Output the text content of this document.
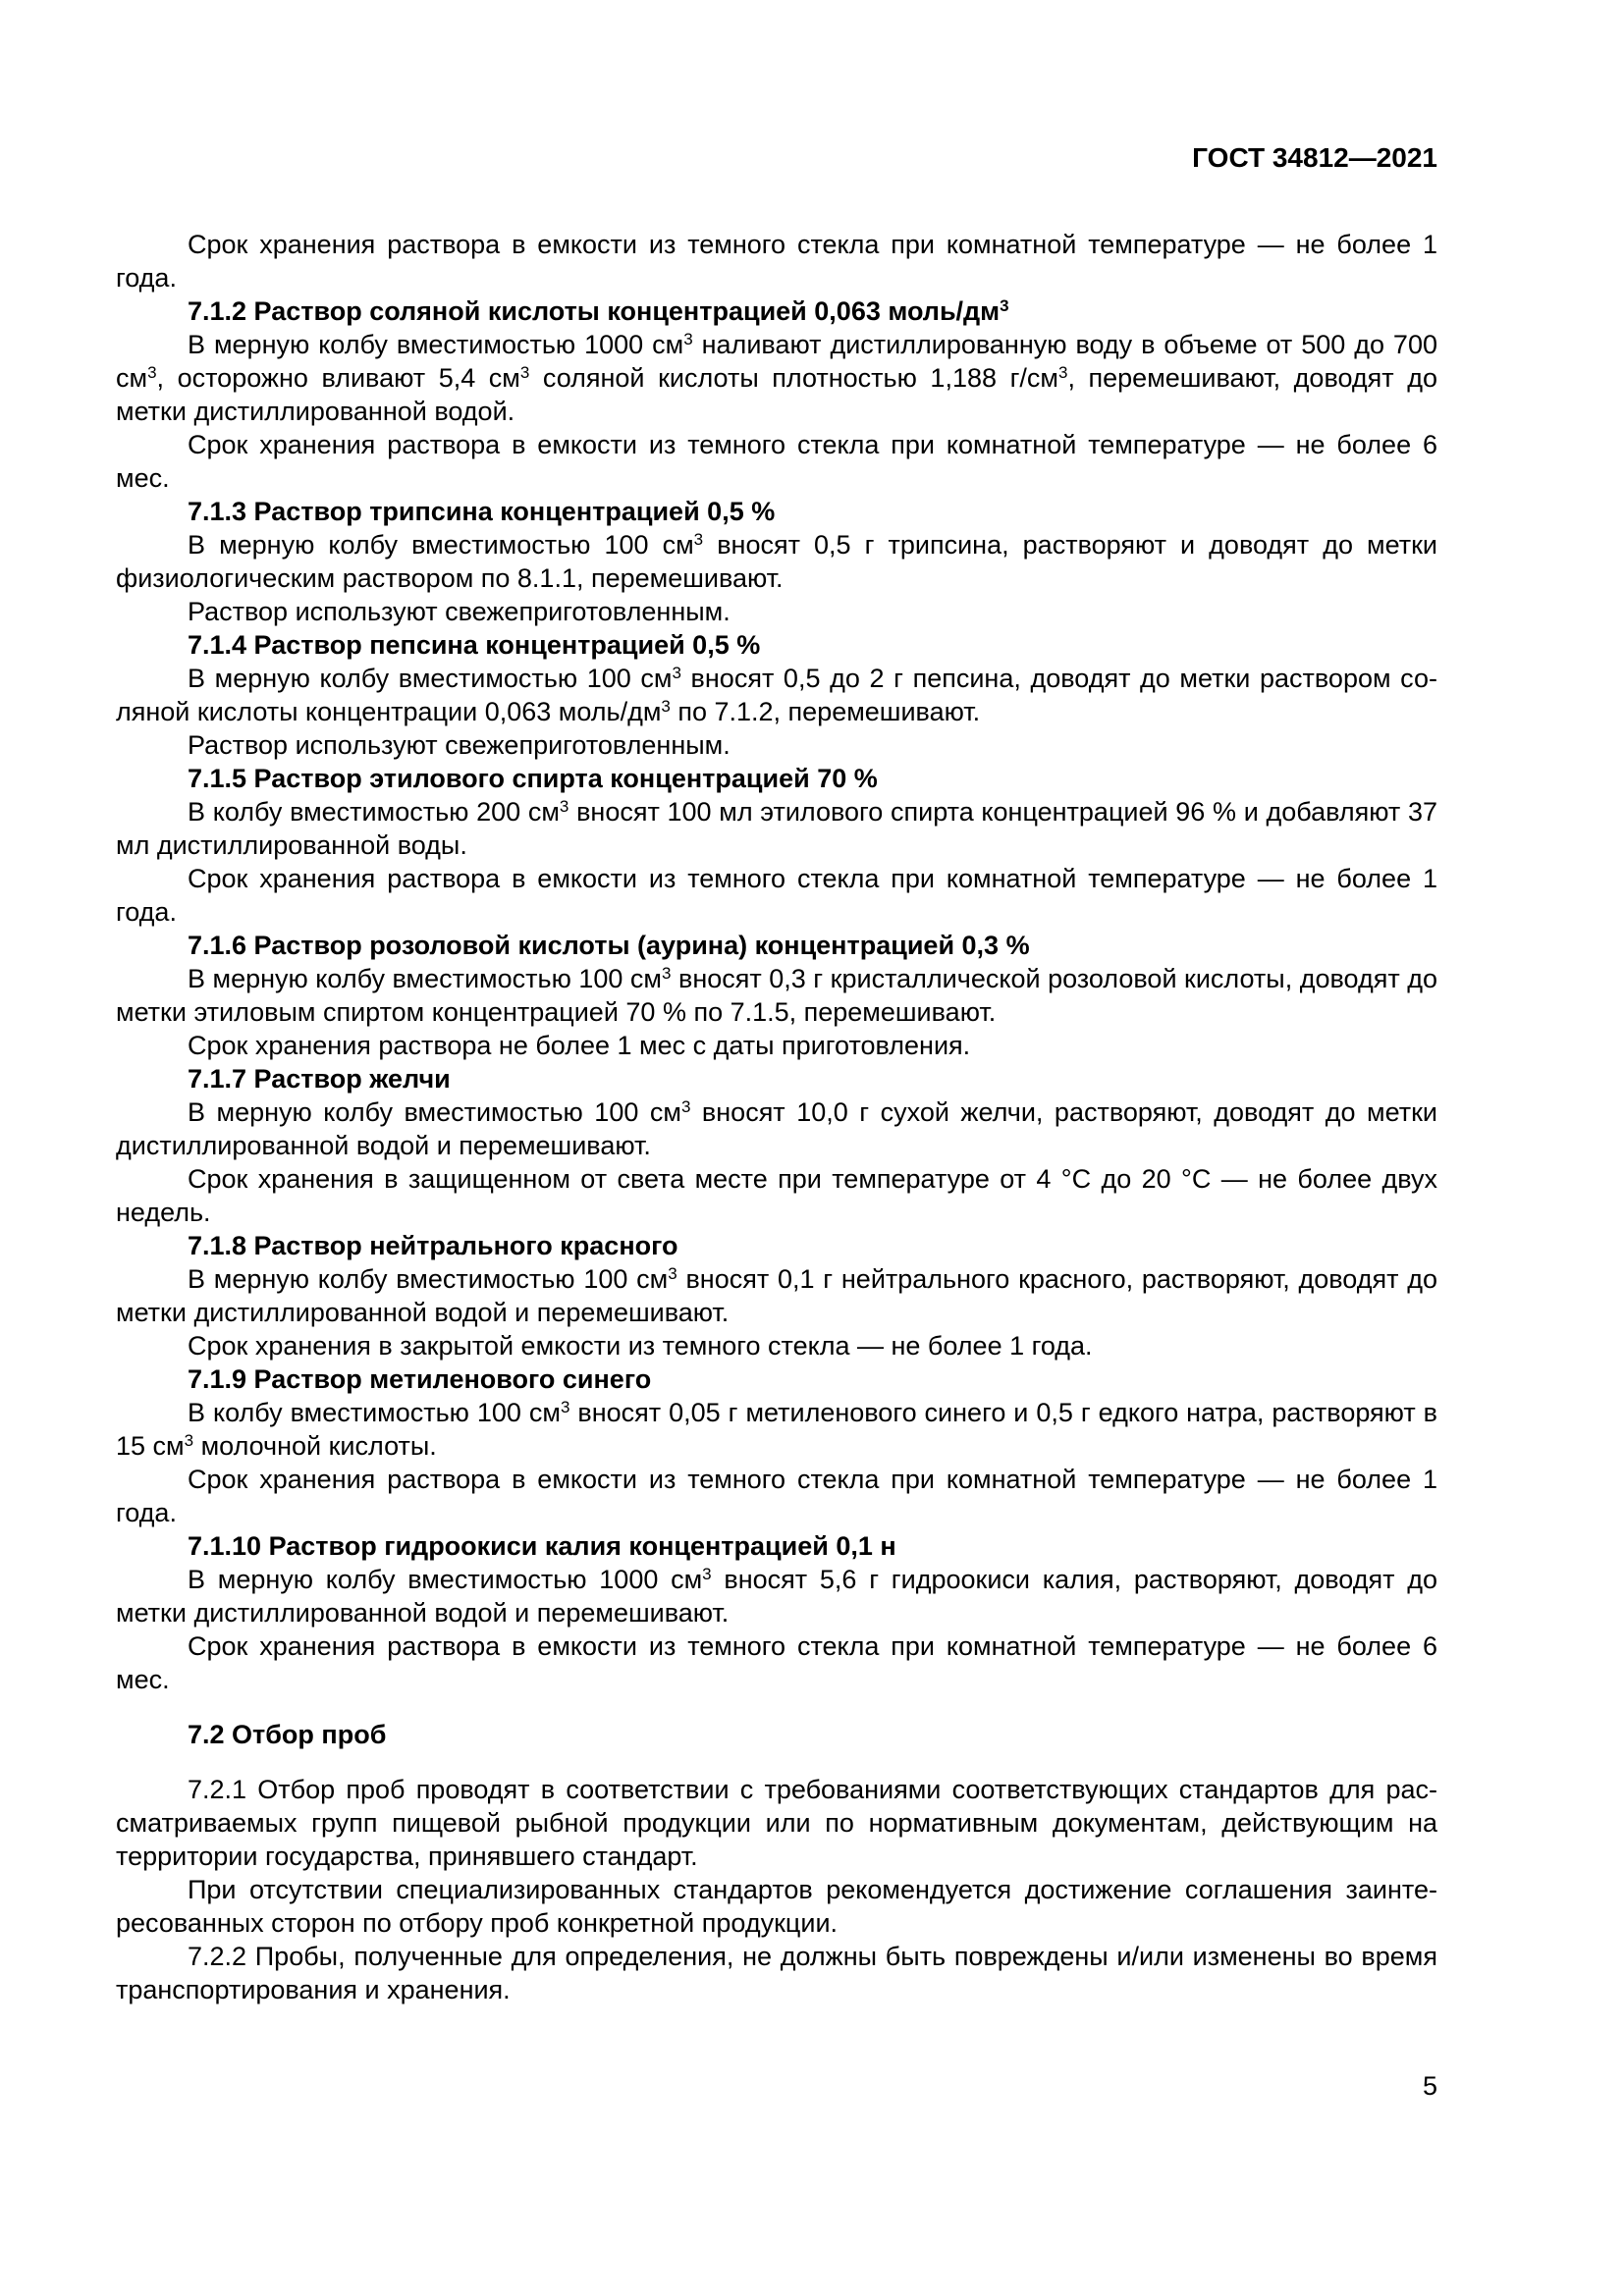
ГОСТ 34812—2021

Срок хранения раствора в емкости из темного стекла при комнатной температуре — не более 1 года.

7.1.2 Раствор соляной кислоты концентрацией 0,063 моль/$дм^3$

В мерную колбу вместимостью 1000 $см^3$ наливают дистиллированную воду в объеме от 500 до 700 $см^3$, осторожно вливают 5,4 $см^3$ соляной кислоты плотностью 1,188 $г/см^3$, перемешивают, доводят до метки дистиллированной водой.

Срок хранения раствора в емкости из темного стекла при комнатной температуре — не более 6 мес.

7.1.3 Раствор трипсина концентрацией 0,5 %

В мерную колбу вместимостью 100 $см^3$ вносят 0,5 г трипсина, растворяют и доводят до метки физиологическим раствором по 8.1.1, перемешивают.

Раствор используют свежеприготовленным.

7.1.4 Раствор пепсина концентрацией 0,5 %

В мерную колбу вместимостью 100 $см^3$ вносят 0,5 до 2 г пепсина, доводят до метки раствором соляной кислоты концентрации 0,063 моль/$дм^3$ по 7.1.2, перемешивают.

Раствор используют свежеприготовленным.

7.1.5 Раствор этилового спирта концентрацией 70 %

В колбу вместимостью 200 $см^3$ вносят 100 мл этилового спирта концентрацией 96 % и добавляют 37 мл дистиллированной воды.

Срок хранения раствора в емкости из темного стекла при комнатной температуре — не более 1 года.

7.1.6 Раствор розоловой кислоты (аурина) концентрацией 0,3 %

В мерную колбу вместимостью 100 $см^3$ вносят 0,3 г кристаллической розоловой кислоты, доводят до метки этиловым спиртом концентрацией 70 % по 7.1.5, перемешивают.

Срок хранения раствора не более 1 мес с даты приготовления.

7.1.7 Раствор желчи

В мерную колбу вместимостью 100 $см^3$ вносят 10,0 г сухой желчи, растворяют, доводят до метки дистиллированной водой и перемешивают.

Срок хранения в защищенном от света месте при температуре от 4 °С до 20 °С — не более двух недель.

7.1.8 Раствор нейтрального красного

В мерную колбу вместимостью 100 $см^3$ вносят 0,1 г нейтрального красного, растворяют, доводят до метки дистиллированной водой и перемешивают.

Срок хранения в закрытой емкости из темного стекла — не более 1 года.

7.1.9 Раствор метиленового синего

В колбу вместимостью 100 $см^3$ вносят 0,05 г метиленового синего и 0,5 г едкого натра, растворяют в 15 $см^3$ молочной кислоты.

Срок хранения раствора в емкости из темного стекла при комнатной температуре — не более 1 года.

7.1.10 Раствор гидроокиси калия концентрацией 0,1 н

В мерную колбу вместимостью 1000 $см^3$ вносят 5,6 г гидроокиси калия, растворяют, доводят до метки дистиллированной водой и перемешивают.

Срок хранения раствора в емкости из темного стекла при комнатной температуре — не более 6 мес.

7.2 Отбор проб

7.2.1 Отбор проб проводят в соответствии с требованиями соответствующих стандартов для рассматриваемых групп пищевой рыбной продукции или по нормативным документам, действующим на территории государства, принявшего стандарт.

При отсутствии специализированных стандартов рекомендуется достижение соглашения заинтересованных сторон по отбору проб конкретной продукции.

7.2.2 Пробы, полученные для определения, не должны быть повреждены и/или изменены во время транспортирования и хранения.

5
